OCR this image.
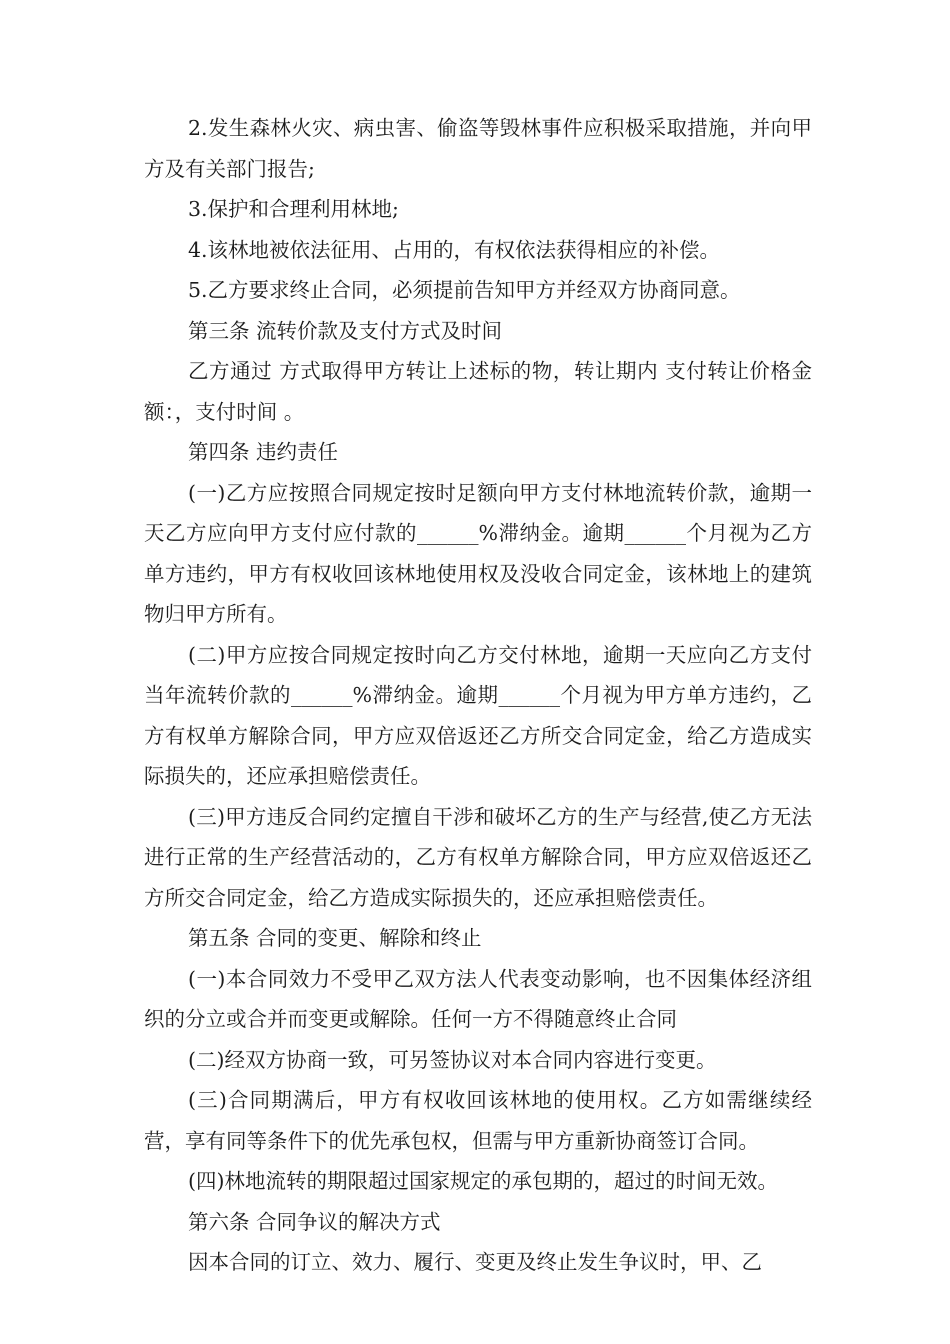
2.发生森林火灾、病虫害、偷盗等毁林事件应积极采取措施，并向甲方及有关部门报告;

3.保护和合理利用林地;

4.该林地被依法征用、占用的，有权依法获得相应的补偿。

5.乙方要求终止合同，必须提前告知甲方并经双方协商同意。

第三条 流转价款及支付方式及时间

乙方通过 方式取得甲方转让上述标的物，转让期内 支付转让价格金额：，支付时间 。

第四条 违约责任

(一)乙方应按照合同规定按时足额向甲方支付林地流转价款，逾期一天乙方应向甲方支付应付款的______%滞纳金。逾期______个月视为乙方单方违约，甲方有权收回该林地使用权及没收合同定金，该林地上的建筑物归甲方所有。

(二)甲方应按合同规定按时向乙方交付林地，逾期一天应向乙方支付当年流转价款的______%滞纳金。逾期______个月视为甲方单方违约，乙方有权单方解除合同，甲方应双倍返还乙方所交合同定金，给乙方造成实际损失的，还应承担赔偿责任。

(三)甲方违反合同约定擅自干涉和破坏乙方的生产与经营,使乙方无法进行正常的生产经营活动的，乙方有权单方解除合同，甲方应双倍返还乙方所交合同定金，给乙方造成实际损失的，还应承担赔偿责任。

第五条 合同的变更、解除和终止

(一)本合同效力不受甲乙双方法人代表变动影响，也不因集体经济组织的分立或合并而变更或解除。任何一方不得随意终止合同

(二)经双方协商一致，可另签协议对本合同内容进行变更。

(三)合同期满后，甲方有权收回该林地的使用权。乙方如需继续经营，享有同等条件下的优先承包权，但需与甲方重新协商签订合同。

(四)林地流转的期限超过国家规定的承包期的，超过的时间无效。

第六条 合同争议的解决方式

因本合同的订立、效力、履行、变更及终止发生争议时，甲、乙
